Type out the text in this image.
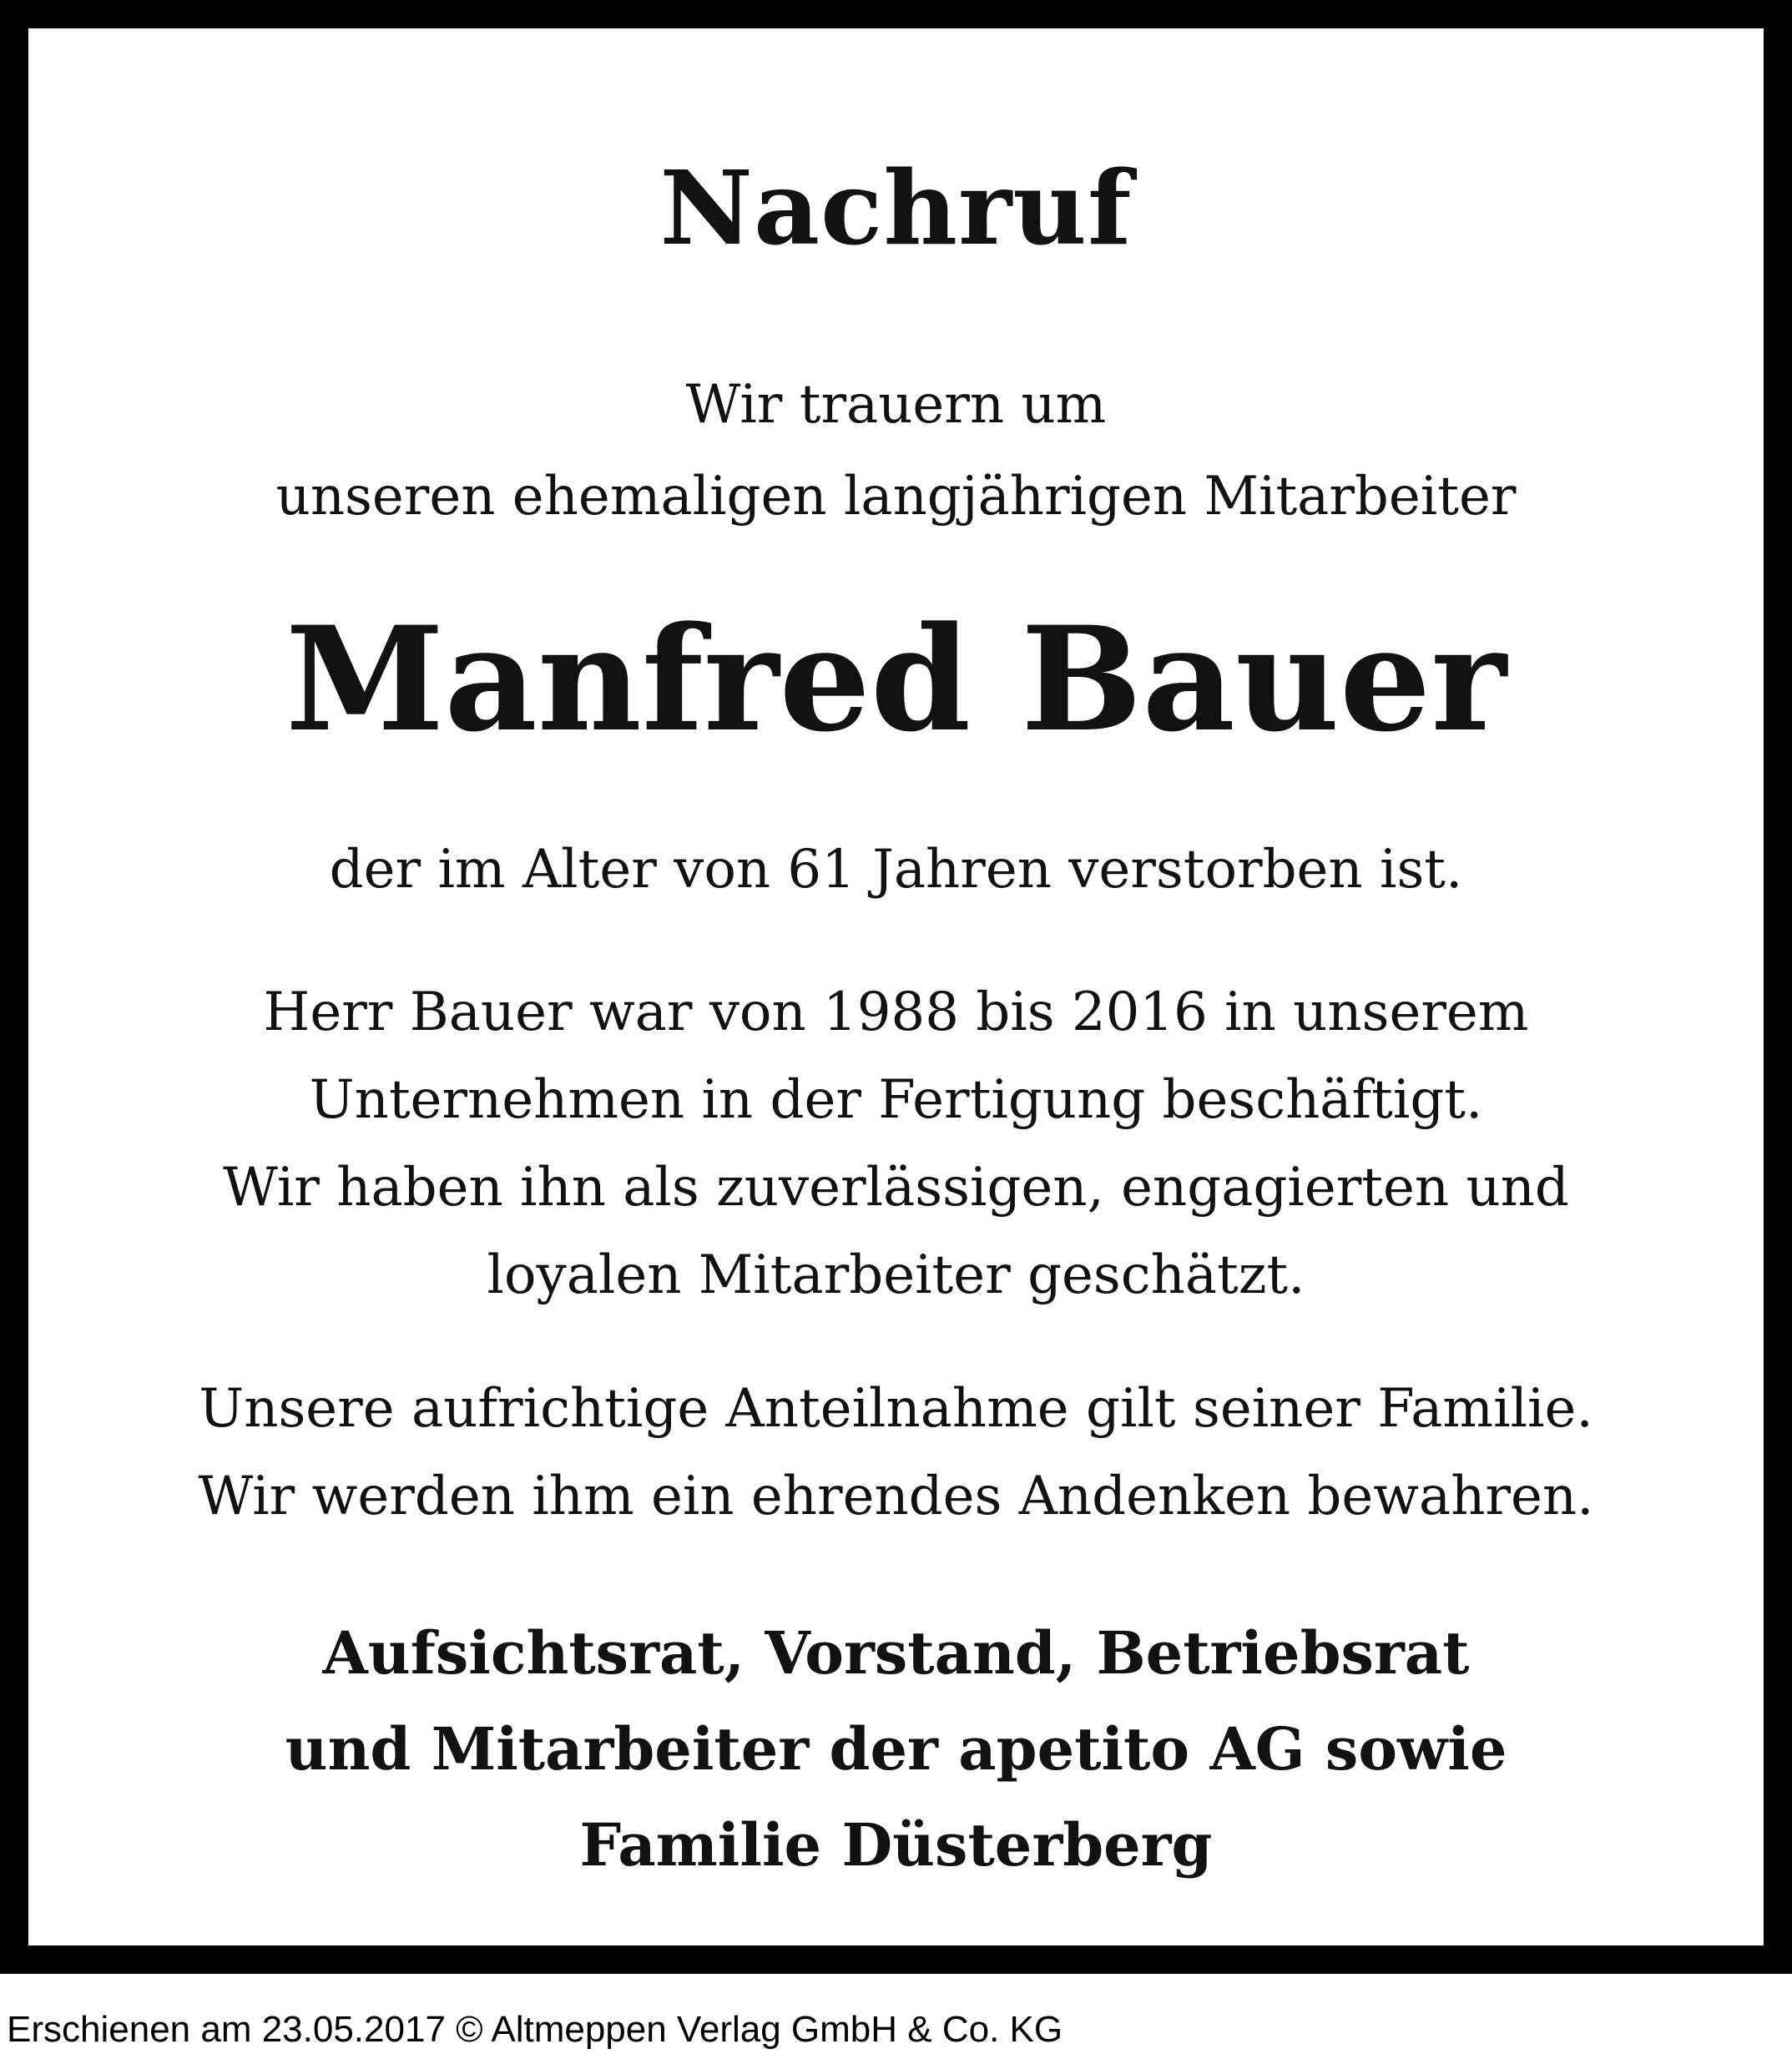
Nachruf
Wir trauern um
unseren ehemaligen langjährigen Mitarbeiter
Manfred Bauer
der im Alter von 61 Jahren verstorben ist.
Herr Bauer war von 1988 bis 2016 in unserem
Unternehmen in der Fertigung beschäftigt.
Wir haben ihn als zuverlässigen, engagierten und
loyalen Mitarbeiter geschätzt.
Unsere aufrichtige Anteilnahme gilt seiner Familie.
Wir werden ihm ein ehrendes Andenken bewahren.
Aufsichtsrat, Vorstand, Betriebsrat
und Mitarbeiter der apetito AG sowie
Familie Düsterberg
Erschienen am 23.05.2017 © Altmeppen Verlag GmbH & Co. KG
